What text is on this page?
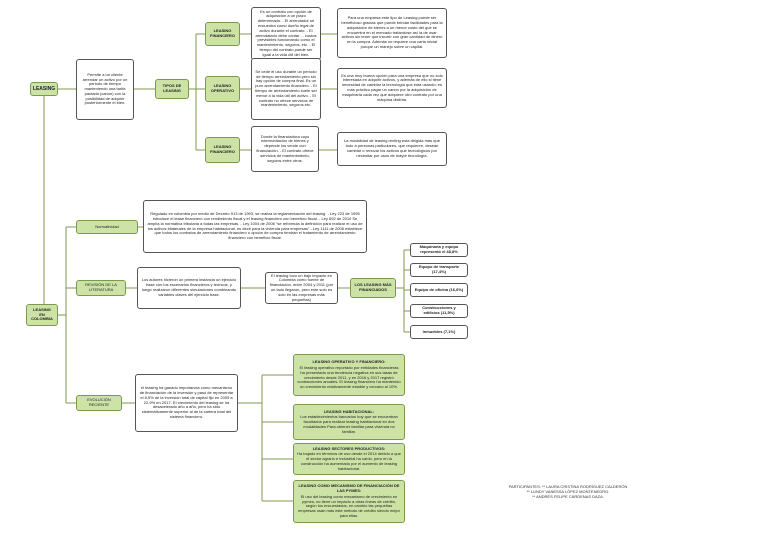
LEASING
Permite a un cliente arrendar un activo por un periodo de tiempo manteniendo una tarifa pactada (canon) con la posibilidad de adquirir posteriormente el bien.
TIPOS DE LEASING
LEASING FINANCIERO
Es un contrato con opción de adquisición a un plazo determinado. - El arrendador se encuentra como dueño legal de activo durante el contrato. - El arrendatario debe contar ... costos previsibles funcionando como el mantenimiento, seguros, etc. - El tiempo del contrato puede ser igual a la vida útil del bien.
Para una empresa este tipo de Leasing puede ser beneficioso gracias que puede brindar facilidades para la adquisición de bienes a un menor costo del que se encuentra en el mercado tratándose así la de usar activos sin tener que incurrir con gran cantidad de dinero en la compra. Además no requiere una carta inicial porque un manejo sobre un capital.
LEASING OPERATIVO
Se cede el uso durable un período de tiempo arrendamiento pero sin hay opción de compra final. Es un puro arrendamiento financiero. - El tiempo de arrendamiento suele ser menor a la vida útil del activo. - El contrato no ofrece servicios de mantenimiento, seguros etc.
Es una muy buena opción para una empresa que no solo interesada en adquirir activos, y además de ello si tiene necesidad de cambiar la tecnología que está usando; es más práctico pagar un canon por la adquisición de maquinaria cada vez que adquiere otro contrato por una máquina distinta.
LEASING FINANCIERO
Donde la financiadora cuyo intermediación de bienes y depende los vende con financiación. - El contrato ofrece servicios de mantenimiento, seguros entre otros.
La modalidad de leasing renting esta dirigida más que todo a personas particulares, que requieren, desean cambiar o renovar los activos que tecnológicos por necesitar por usos de mayor tecnología.
LEASING EN COLOMBIA
Normatividad
Regulado en colombia por medio de Decreto 913 de 1993, se realiza la reglamentación del leasing. - Ley 223 de 1995 introduce el lease financiero con rendimiento fiscal y el leasing financiero con beneficio fiscal. - Ley 692 de 2010 Se amplía la normativa tributaria a todas las empresas. - Ley 1004 de 2006 "se reformula la definición para realizar el uso de los activos bilaterales de la empresa habitacional, es decir para la vivienda para empresas" - Ley 1111 de 2006 establece que todos los contratos de arrendamiento financiero u opción de compra tendrán el tratamiento de arrendamiento financiero con beneficio fiscal.
REVISIÓN DE LA LITERATURA
Los autores hicieron un primera instancia un ejercicio base con los escenarios financieros y teóricos, y luego realizaron diferentes simulaciones combinando variables claves del ejercicio base.
El leasing tuvo un bajo impacto en Colombia como fuente de financiación, entre 2004 y 2011 (por un lado llegaron, pero este solo es solo en las empresas más pequeñas)
LOS LEASING MÁS FINANCIADOS
Maquinaria y equipo representó el 48,8%
Equipo de transporte (17,4%)
Equipo de oficina (16,6%)
Construcciones y edificios (11,5%)
Inmuebles (7,1%)
EVOLUCIÓN RECIENTE
el leasing ha ganado importancia como mecanismo de financiación de la inversión y pasó de representar el 8,5% de la inversión total de capital fijo en 2005 a 22,9% en 2017. El crecimiento del leasing se ha desacelerado año a año, pero ha sido sistemáticamente superior al de la cartera total del sistema financiero.
LEASING OPERATIVO Y FINANCIERO:
El leasing operativo reportado por entidades financieras ha presentado una tendencia negativa en sus tasas de crecimiento desde 2011, y en 2016 y 2017 registró contracciones anuales. El leasing financiero ha mantenido un crecimiento relativamente estable y cercano al 10%.
LEASING HABITACIONAL:
Los establecimientos bancarios hoy que se encuentran facultados para realizar leasing habitacional en dos modalidades Para obtener familiar para vivienda no familiar.
LEASING SECTORES PRODUCTIVOS:
Ha bajado en términos de uso desde el 2014 debido a que el sector agrario e industrial ha caído, pero en la construcción ha aumentado por el aumento de leasing habitacional.
LEASING COMO MECANISMO DE FINANCIACIÓN DE LAS PYMES:
El uso del leasing como mecanismo de crecimiento en pymes, no tiene un impacto a otras líneas de crédito, según los encuestados, en cambio las pequeñas empresas usan más este método de crédito siendo mejor para ellas.
PARTICIPANTES: ** LAURA CRISTINA RODRÍGUEZ CALDERÓN
** LUNDY VANESSA LÓPEZ MONTENEGRO.
** ANDRÉS FELIPE CÁRDENAS DAZA.
